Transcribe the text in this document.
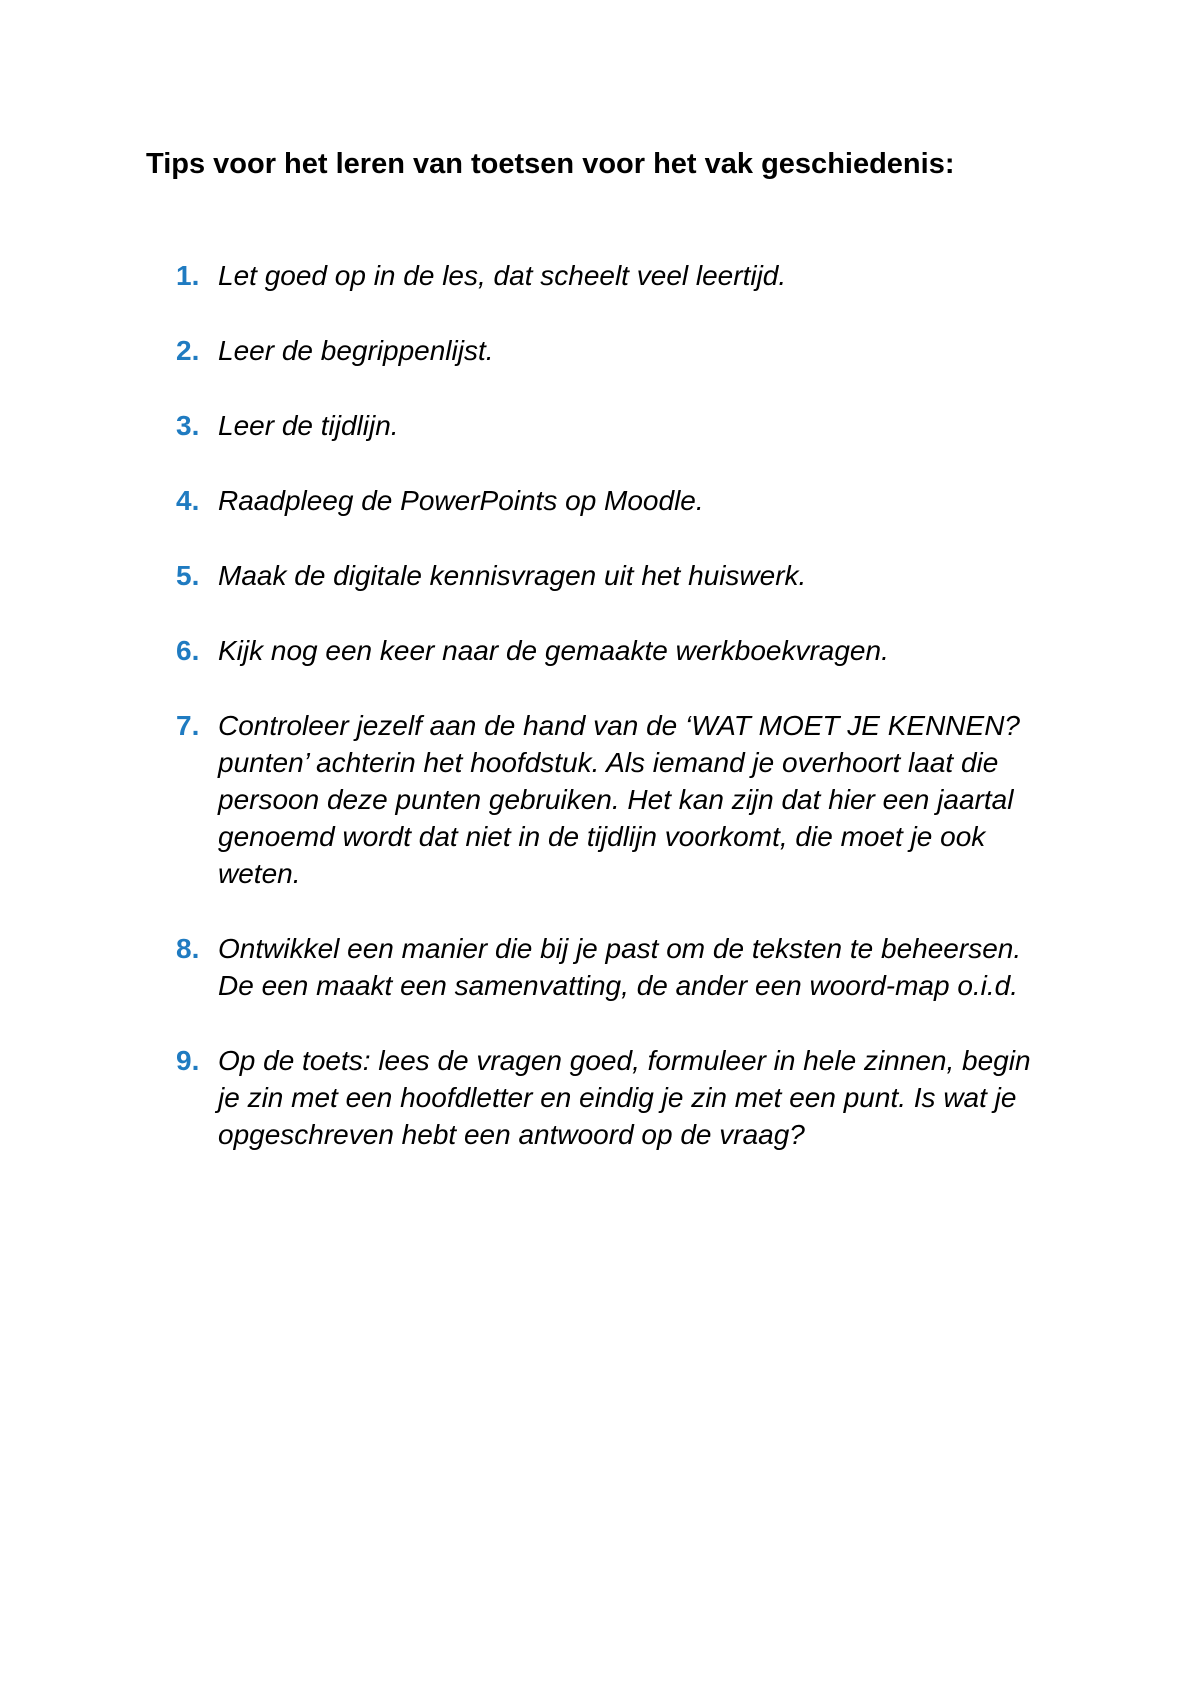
Tips voor het leren van toetsen voor het vak geschiedenis:
1. Let goed op in de les, dat scheelt veel leertijd.
2. Leer de begrippenlijst.
3. Leer de tijdlijn.
4. Raadpleeg de PowerPoints op Moodle.
5. Maak de digitale kennisvragen uit het huiswerk.
6. Kijk nog een keer naar de gemaakte werkboekvragen.
7. Controleer jezelf aan de hand van de ‘WAT MOET JE KENNEN? punten’ achterin het hoofdstuk. Als iemand je overhoort laat die persoon deze punten gebruiken. Het kan zijn dat hier een jaartal genoemd wordt dat niet in de tijdlijn voorkomt, die moet je ook weten.
8. Ontwikkel een manier die bij je past om de teksten te beheersen. De een maakt een samenvatting, de ander een woord-map o.i.d.
9. Op de toets: lees de vragen goed, formuleer in hele zinnen, begin je zin met een hoofdletter en eindig je zin met een punt. Is wat je opgeschreven hebt een antwoord op de vraag?
